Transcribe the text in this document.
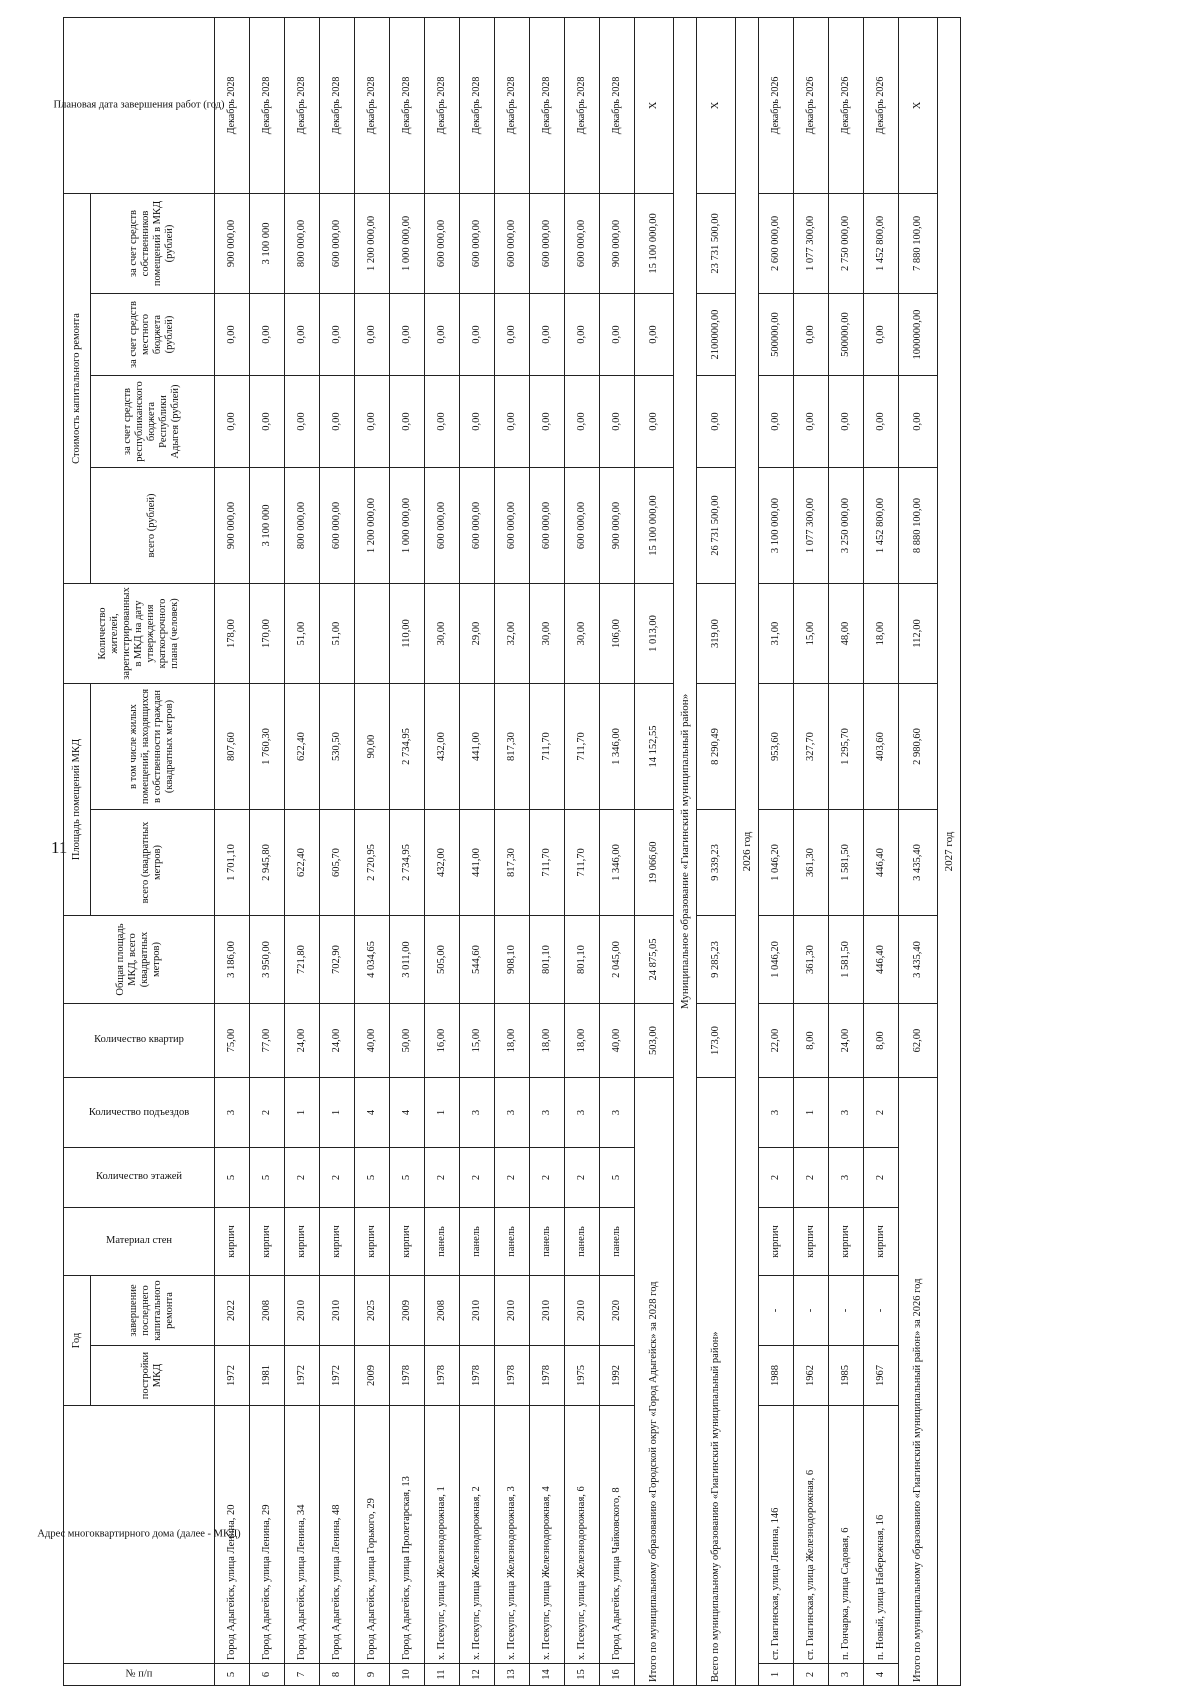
11
№ п/п	Адрес многоквартирного дома (далее - МКД)	Год		Материал стен	Количество этажей	Количество подъездов	Количество квартир	Общая площадь МКД, всего (квадратных метров)	Площадь помещений МКД		Количество жителей, зарегистрированных в МКД на дату утверждения краткосрочного плана (человек)	Стоимость капитального ремонта				Плановая дата завершения работ (год)

		постройки МКД	завершение последнего капитального ремонта						всего (квадратных метров)	в том числе жилых помещений, находящихся в собственности граждан (квадратных метров)		всего (рублей)	за счет средств республиканского бюджета Республики Адыгея (рублей)	за счет средств местного бюджета (рублей)	за счет средств собственников помещений в МКД (рублей)	
5	Город Адыгейск, улица Ленина, 20	1972	2022	кирпич	5	3	75,00	3 186,00	1 701,10	807,60	178,00	900 000,00	0,00	0,00	900 000,00	Декабрь 2028
6	Город Адыгейск, улица Ленина, 29	1981	2008	кирпич	5	2	77,00	3 950,00	2 945,80	1 760,30	170,00	3 100 000	0,00	0,00	3 100 000	Декабрь 2028
7	Город Адыгейск, улица Ленина, 34	1972	2010	кирпич	2	1	24,00	721,80	622,40	622,40	51,00	800 000,00	0,00	0,00	800 000,00	Декабрь 2028
8	Город Адыгейск, улица Ленина, 48	1972	2010	кирпич	2	1	24,00	702,90	605,70	530,50	51,00	600 000,00	0,00	0,00	600 000,00	Декабрь 2028
9	Город Адыгейск, улица Горького, 29	2009	2025	кирпич	5	4	40,00	4 034,65	2 720,95	90,00		1 200 000,00	0,00	0,00	1 200 000,00	Декабрь 2028
10	Город Адыгейск, улица Пролетарская, 13	1978	2009	кирпич	5	4	50,00	3 011,00	2 734,95	2 734,95	110,00	1 000 000,00	0,00	0,00	1 000 000,00	Декабрь 2028
11	х. Псекупс, улица Железнодорожная, 1	1978	2008	панель	2	1	16,00	505,00	432,00	432,00	30,00	600 000,00	0,00	0,00	600 000,00	Декабрь 2028
12	х. Псекупс, улица Железнодорожная, 2	1978	2010	панель	2	3	15,00	544,60	441,00	441,00	29,00	600 000,00	0,00	0,00	600 000,00	Декабрь 2028
13	х. Псекупс, улица Железнодорожная, 3	1978	2010	панель	2	3	18,00	908,10	817,30	817,30	32,00	600 000,00	0,00	0,00	600 000,00	Декабрь 2028
14	х. Псекупс, улица Железнодорожная, 4	1978	2010	панель	2	3	18,00	801,10	711,70	711,70	30,00	600 000,00	0,00	0,00	600 000,00	Декабрь 2028
15	х. Псекупс, улица Железнодорожная, 6	1975	2010	панель	2	3	18,00	801,10	711,70	711,70	30,00	600 000,00	0,00	0,00	600 000,00	Декабрь 2028
16	Город Адыгейск, улица Чайковского, 8	1992	2020	панель	5	3	40,00	2 045,00	1 346,00	1 346,00	106,00	900 000,00	0,00	0,00	900 000,00	Декабрь 2028
Итого по муниципальному образованию «Городской округ «Город Адыгейск» за 2028 год							503,00	24 875,05	19 066,60	14 152,55	1 013,00	15 100 000,00	0,00	0,00	15 100 000,00	X
Муниципальное образование «Гиагинский муниципальный район»																
Всего по муниципальному образованию «Гиагинский муниципальный район»							173,00	9 285,23	9 339,23	8 290,49	319,00	26 731 500,00	0,00	2100000,00	23 731 500,00	X
2026 год																
1	ст. Гиагинская, улица Ленина, 146	1988	-	кирпич	2	3	22,00	1 046,20	1 046,20	953,60	31,00	3 100 000,00	0,00	500000,00	2 600 000,00	Декабрь 2026
2	ст. Гиагинская, улица Железнодорожная, 6	1962	-	кирпич	2	1	8,00	361,30	361,30	327,70	15,00	1 077 300,00	0,00	0,00	1 077 300,00	Декабрь 2026
3	п. Гончарка, улица Садовая, 6	1985	-	кирпич	3	3	24,00	1 581,50	1 581,50	1 295,70	48,00	3 250 000,00	0,00	500000,00	2 750 000,00	Декабрь 2026
4	п. Новый, улица Набережная, 16	1967	-	кирпич	2	2	8,00	446,40	446,40	403,60	18,00	1 452 800,00	0,00	0,00	1 452 800,00	Декабрь 2026
Итого по муниципальному образованию «Гиагинский муниципальный район» за 2026 год							62,00	3 435,40	3 435,40	2 980,60	112,00	8 880 100,00	0,00	1000000,00	7 880 100,00	X
2027 год																
